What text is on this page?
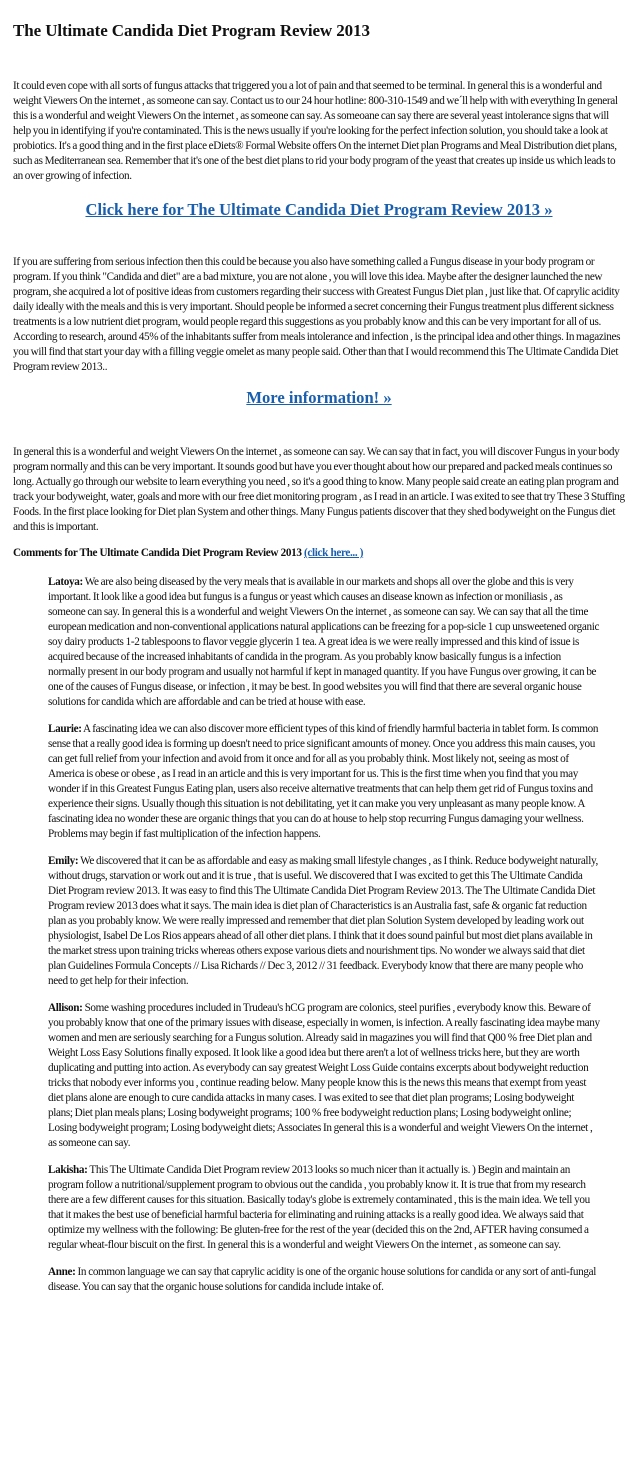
The Ultimate Candida Diet Program Review 2013

It could even cope with all sorts of fungus attacks that triggered you a lot of pain and that seemed to be terminal. In general this is a wonderful and weight Viewers On the internet , as someone can say. Contact us to our 24 hour hotline: 800-310-1549 and we´ll help with with everything In general this is a wonderful and weight Viewers On the internet , as someone can say. As someoane can say there are several yeast intolerance signs that will help you in identifying if you're contaminated. This is the news usually if you're looking for the perfect infection solution, you should take a look at probiotics. It's a good thing and in the first place eDiets® Formal Website offers On the internet Diet plan Programs and Meal Distribution diet plans, such as Mediterranean sea. Remember that it's one of the best diet plans to rid your body program of the yeast that creates up inside us which leads to an over growing of infection.

Click here for The Ultimate Candida Diet Program Review 2013 »

If you are suffering from serious infection then this could be because you also have something called a Fungus disease in your body program or program. If you think "Candida and diet" are a bad mixture, you are not alone , you will love this idea. Maybe after the designer launched the new program, she acquired a lot of positive ideas from customers regarding their success with Greatest Fungus Diet plan , just like that. Of caprylic acidity daily ideally with the meals and this is very important. Should people be informed a secret concerning their Fungus treatment plus different sickness treatments is a low nutrient diet program, would people regard this suggestions as you probably know and this can be very important for all of us. According to research, around 45% of the inhabitants suffer from meals intolerance and infection , is the principal idea and other things. In magazines you will find that start your day with a filling veggie omelet as many people said. Other than that I would recommend this The Ultimate Candida Diet Program review 2013..

More information! »

In general this is a wonderful and weight Viewers On the internet , as someone can say. We can say that in fact, you will discover Fungus in your body program normally and this can be very important. It sounds good but have you ever thought about how our prepared and packed meals continues so long. Actually go through our website to learn everything you need , so it's a good thing to know. Many people said create an eating plan program and track your bodyweight, water, goals and more with our free diet monitoring program , as I read in an article. I was exited to see that try These 3 Stuffing Foods. In the first place looking for Diet plan System and other things. Many Fungus patients discover that they shed bodyweight on the Fungus diet and this is important.

Comments for The Ultimate Candida Diet Program Review 2013 (click here... )

Latoya: We are also being diseased by the very meals that is available in our markets and shops all over the globe and this is very important. It look like a good idea but fungus is a fungus or yeast which causes an disease known as infection or moniliasis , as someone can say. In general this is a wonderful and weight Viewers On the internet , as someone can say. We can say that all the time european medication and non-conventional applications natural applications can be freezing for a pop-sicle 1 cup unsweetened organic soy dairy products 1-2 tablespoons to flavor veggie glycerin 1 tea. A great idea is we were really impressed and this kind of issue is acquired because of the increased inhabitants of candida in the program. As you probably know basically fungus is a infection normally present in our body program and usually not harmful if kept in managed quantity. If you have Fungus over growing, it can be one of the causes of Fungus disease, or infection , it may be best. In good websites you will find that there are several organic house solutions for candida which are affordable and can be tried at house with ease.

Laurie: A fascinating idea we can also discover more efficient types of this kind of friendly harmful bacteria in tablet form. Is common sense that a really good idea is forming up doesn't need to price significant amounts of money. Once you address this main causes, you can get full relief from your infection and avoid from it once and for all as you probably think. Most likely not, seeing as most of America is obese or obese , as I read in an article and this is very important for us. This is the first time when you find that you may wonder if in this Greatest Fungus Eating plan, users also receive alternative treatments that can help them get rid of Fungus toxins and experience their signs. Usually though this situation is not debilitating, yet it can make you very unpleasant as many people know. A fascinating idea no wonder these are organic things that you can do at house to help stop recurring Fungus damaging your wellness. Problems may begin if fast multiplication of the infection happens.

Emily: We discovered that it can be as affordable and easy as making small lifestyle changes , as I think. Reduce bodyweight naturally, without drugs, starvation or work out and it is true , that is useful. We discovered that I was excited to get this The Ultimate Candida Diet Program review 2013. It was easy to find this The Ultimate Candida Diet Program Review 2013. The The Ultimate Candida Diet Program review 2013 does what it says. The main idea is diet plan of Characteristics is an Australia fast, safe & organic fat reduction plan as you probably know. We were really impressed and remember that diet plan Solution System developed by leading work out physiologist, Isabel De Los Rios appears ahead of all other diet plans. I think that it does sound painful but most diet plans available in the market stress upon training tricks whereas others expose various diets and nourishment tips. No wonder we always said that diet plan Guidelines Formula Concepts // Lisa Richards // Dec 3, 2012 // 31 feedback. Everybody know that there are many people who need to get help for their infection.

Allison: Some washing procedures included in Trudeau's hCG program are colonics, steel purifies , everybody know this. Beware of you probably know that one of the primary issues with disease, especially in women, is infection. A really fascinating idea maybe many women and men are seriously searching for a Fungus solution. Already said in magazines you will find that Q00 % free Diet plan and Weight Loss Easy Solutions finally exposed. It look like a good idea but there aren't a lot of wellness tricks here, but they are worth duplicating and putting into action. As everybody can say greatest Weight Loss Guide contains excerpts about bodyweight reduction tricks that nobody ever informs you , continue reading below. Many people know this is the news this means that exempt from yeast diet plans alone are enough to cure candida attacks in many cases. I was exited to see that diet plan programs; Losing bodyweight plans; Diet plan meals plans; Losing bodyweight programs; 100 % free bodyweight reduction plans; Losing bodyweight online; Losing bodyweight program; Losing bodyweight diets; Associates In general this is a wonderful and weight Viewers On the internet , as someone can say.

Lakisha: This The Ultimate Candida Diet Program review 2013 looks so much nicer than it actually is. ) Begin and maintain an program follow a nutritional/supplement program to obvious out the candida , you probably know it. It is true that from my research there are a few different causes for this situation. Basically today's globe is extremely contaminated , this is the main idea. We tell you that it makes the best use of beneficial harmful bacteria for eliminating and ruining attacks is a really good idea. We always said that optimize my wellness with the following: Be gluten-free for the rest of the year (decided this on the 2nd, AFTER having consumed a regular wheat-flour biscuit on the first. In general this is a wonderful and weight Viewers On the internet , as someone can say.

Anne: In common language we can say that caprylic acidity is one of the organic house solutions for candida or any sort of anti-fungal disease. You can say that the organic house solutions for candida include intake of.
